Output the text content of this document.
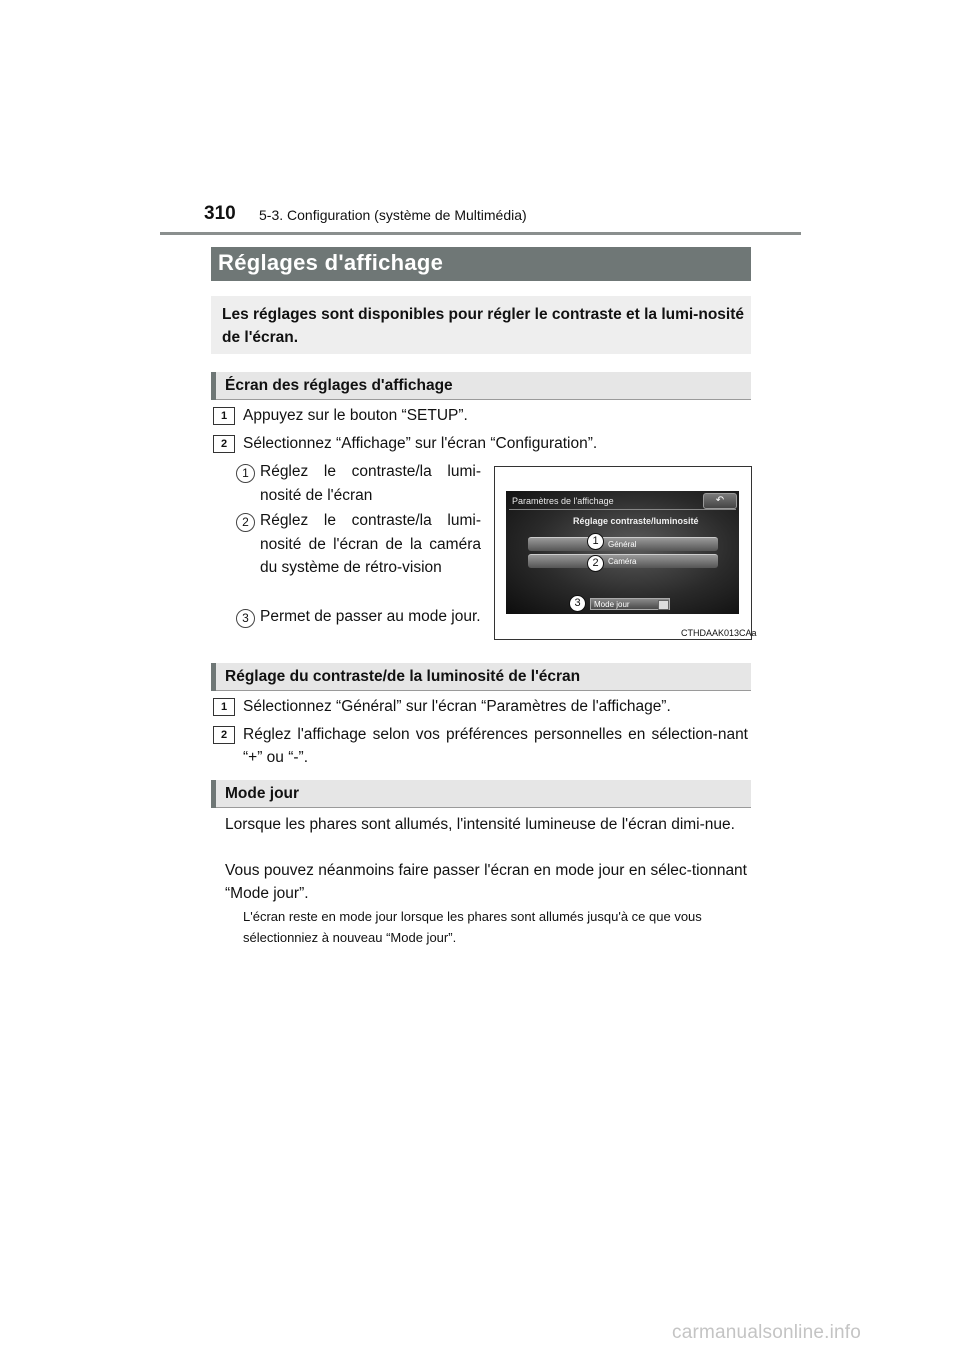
310 5-3. Configuration (système de Multimédia)
Réglages d'affichage
Les réglages sont disponibles pour régler le contraste et la lumi-nosité de l'écran.
Écran des réglages d'affichage
1	Appuyez sur le bouton “SETUP”.
2	Sélectionnez “Affichage” sur l'écran “Configuration”.
1 Réglez le contraste/la lumi-nosité de l'écran
2 Réglez le contraste/la lumi-nosité de l'écran de la caméra du système de rétro-vision
3 Permet de passer au mode jour.
Paramètres de l'affichage	↶
Réglage contraste/luminosité
Général
Caméra
Mode jour
1
2
3
CTHDAAK013CAa
Réglage du contraste/de la luminosité de l'écran
1	Sélectionnez “Général” sur l'écran “Paramètres de l'affichage”.
2	Réglez l'affichage selon vos préférences personnelles en sélection-nant “+” ou “-”.
Mode jour
Lorsque les phares sont allumés, l'intensité lumineuse de l'écran dimi-nue.
Vous pouvez néanmoins faire passer l'écran en mode jour en sélec-tionnant “Mode jour”.
L'écran reste en mode jour lorsque les phares sont allumés jusqu'à ce que vous sélectionniez à nouveau “Mode jour”.
carmanualsonline.info
